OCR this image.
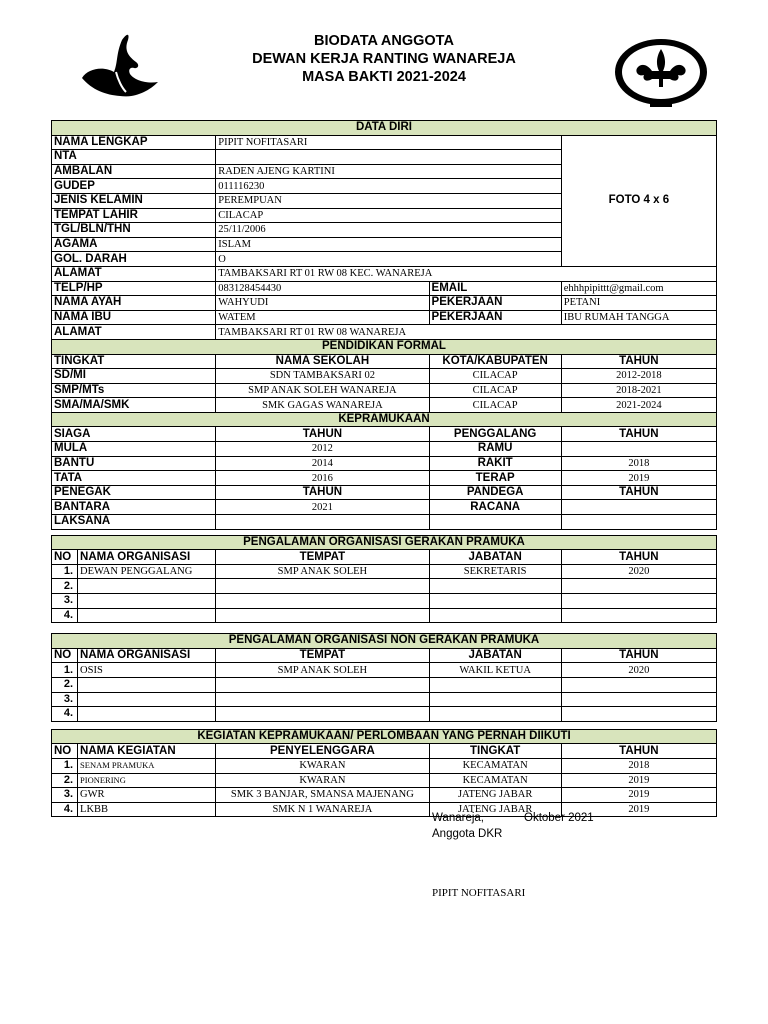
BIODATA ANGGOTA
DEWAN KERJA RANTING WANAREJA
MASA BAKTI 2021-2024
DATA DIRI				
NAMA LENGKAP		PIPIT NOFITASARI		FOTO 4 x 6
NTA				
AMBALAN		RADEN AJENG KARTINI		
GUDEP		011116230		
JENIS KELAMIN		PEREMPUAN		
TEMPAT LAHIR		CILACAP		
TGL/BLN/THN		25/11/2006		
AGAMA		ISLAM		
GOL. DARAH		O		
ALAMAT		TAMBAKSARI RT 01 RW 08 KEC. WANAREJA		
TELP/HP		083128454430	EMAIL	ehhhpipittt@gmail.com
NAMA AYAH		WAHYUDI	PEKERJAAN	PETANI
NAMA IBU		WATEM	PEKERJAAN	IBU RUMAH TANGGA
ALAMAT		TAMBAKSARI RT 01 RW 08 WANAREJA		
PENDIDIKAN FORMAL				
TINGKAT		NAMA SEKOLAH	KOTA/KABUPATEN	TAHUN
SD/MI		SDN TAMBAKSARI 02	CILACAP	2012-2018
SMP/MTs		SMP ANAK SOLEH WANAREJA	CILACAP	2018-2021
SMA/MA/SMK		SMK GAGAS WANAREJA	CILACAP	2021-2024
KEPRAMUKAAN				
SIAGA		TAHUN	PENGGALANG	TAHUN
MULA		2012	RAMU	
BANTU		2014	RAKIT	2018
TATA		2016	TERAP	2019
PENEGAK		TAHUN	PANDEGA	TAHUN
BANTARA		2021	RACANA	
LAKSANA				

PENGALAMAN ORGANISASI GERAKAN PRAMUKA				
NO	NAMA ORGANISASI	TEMPAT	JABATAN	TAHUN
1.	DEWAN PENGGALANG	SMP ANAK SOLEH	SEKRETARIS	2020
2.				
3.				
4.				

PENGALAMAN ORGANISASI NON GERAKAN PRAMUKA				
NO	NAMA ORGANISASI	TEMPAT	JABATAN	TAHUN
1.	OSIS	SMP ANAK SOLEH	WAKIL KETUA	2020
2.				
3.				
4.				

KEGIATAN KEPRAMUKAAN/ PERLOMBAAN YANG PERNAH DIIKUTI				
NO	NAMA KEGIATAN	PENYELENGGARA	TINGKAT	TAHUN
1.	SENAM PRAMUKA	KWARAN	KECAMATAN	2018
2.	PIONERING	KWARAN	KECAMATAN	2019
3.	GWR	SMK 3 BANJAR, SMANSA MAJENANG	JATENG JABAR	2019
4.	LKBB	SMK N 1 WANAREJA	JATENG JABAR	2019
Wanareja,	Oktober 2021
Anggota DKR
PIPIT NOFITASARI
